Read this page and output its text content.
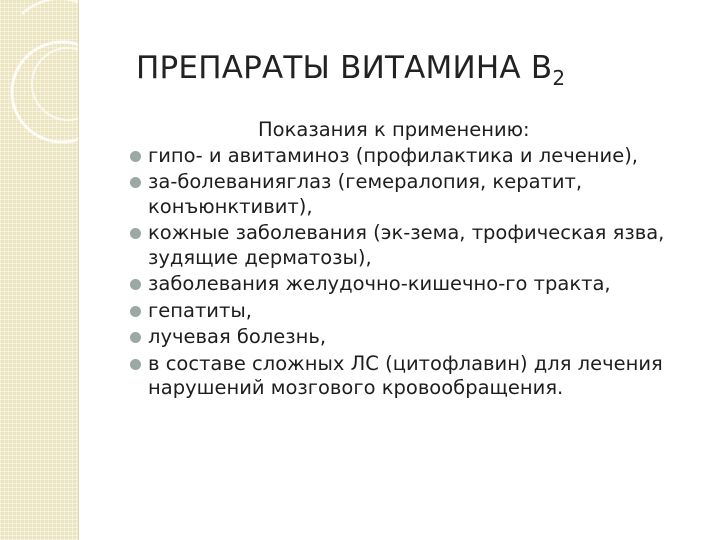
ПРЕПАРАТЫ ВИТАМИНА $B_2$
Показания к применению:
гипо- и авитаминоз (профилактика и лечение),
за-болеванияглаз (гемералопия, кератит, конъюнктивит),
кожные заболевания (эк-зема, трофическая язва, зудящие дерматозы),
заболевания желудочно-кишечно-го тракта,
гепатиты,
лучевая болезнь,
в составе сложных ЛС (цитофлавин) для лечения нарушений мозгового кровообращения.
